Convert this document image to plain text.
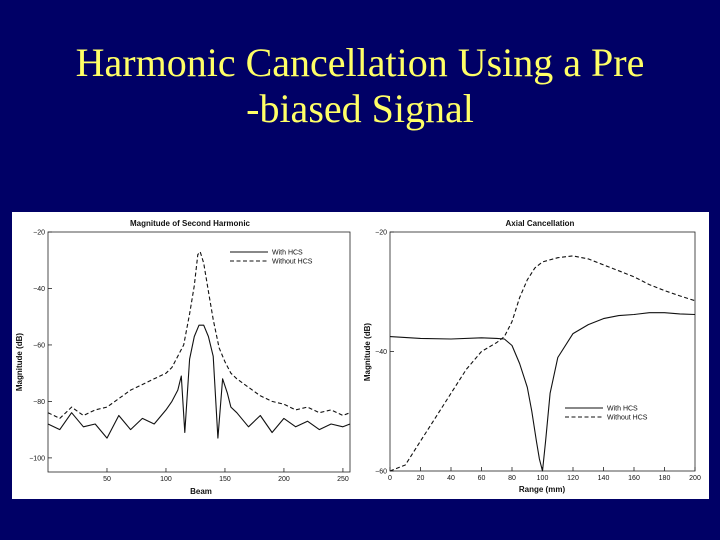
Harmonic Cancellation Using a Pre
-biased Signal
Magnitude of Second Harmonic
Beam
Magnitude (dB)
50	100	150	200	250
−20
−40
−60
−80
−100
With HCS
Without HCS
Axial Cancellation
Range (mm)
Magnitude (dB)
0	20	40	60	80	100	120	140	160	180	200
−20
−40
−60
With HCS
Without HCS
